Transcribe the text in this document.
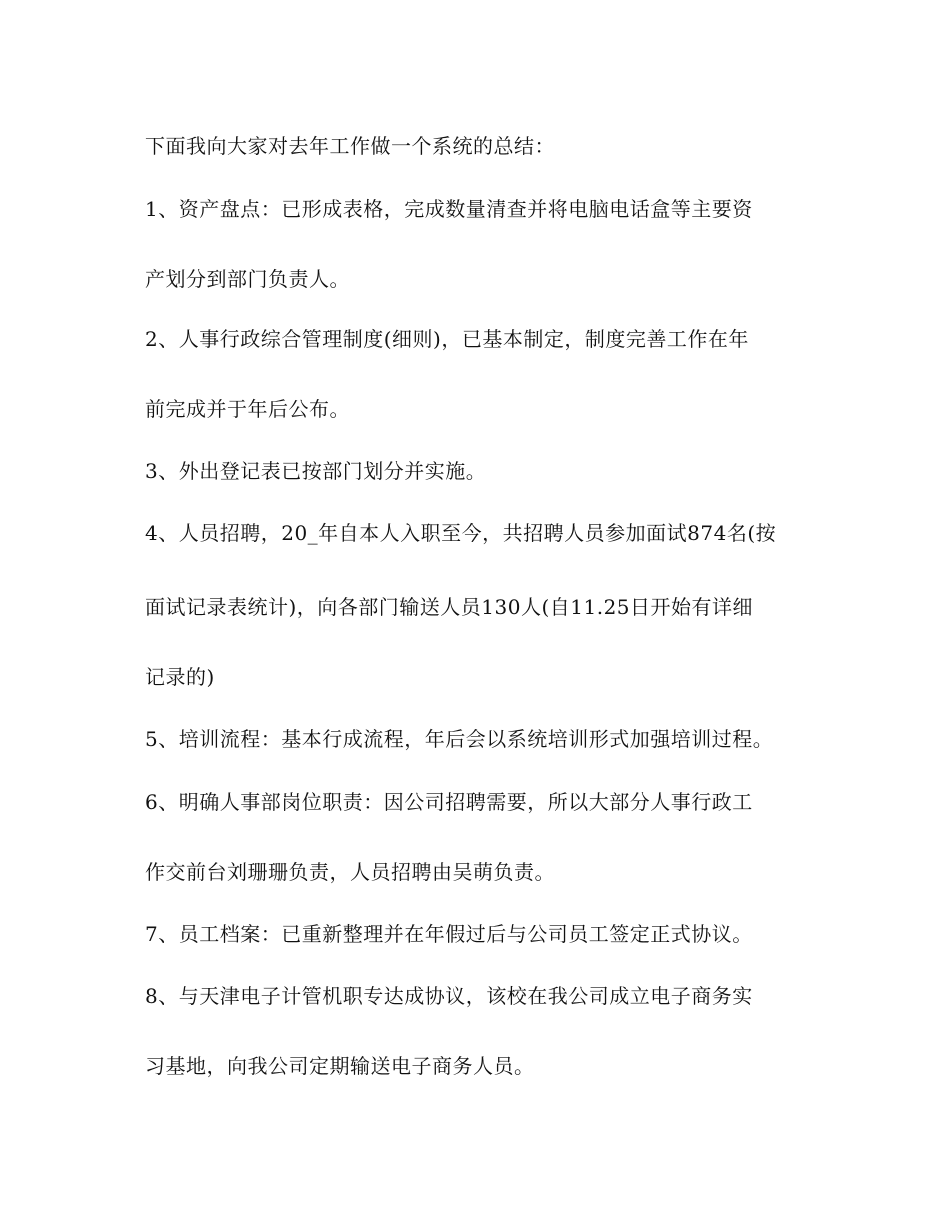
下面我向大家对去年工作做一个系统的总结：
1、资产盘点：已形成表格，完成数量清查并将电脑电话盒等主要资
产划分到部门负责人。
2、人事行政综合管理制度(细则)，已基本制定，制度完善工作在年
前完成并于年后公布。
3、外出登记表已按部门划分并实施。
4、人员招聘，20_年自本人入职至今，共招聘人员参加面试874名(按
面试记录表统计)，向各部门输送人员130人(自11.25日开始有详细
记录的)
5、培训流程：基本行成流程，年后会以系统培训形式加强培训过程。
6、明确人事部岗位职责：因公司招聘需要，所以大部分人事行政工
作交前台刘珊珊负责，人员招聘由吴萌负责。
7、员工档案：已重新整理并在年假过后与公司员工签定正式协议。
8、与天津电子计管机职专达成协议，该校在我公司成立电子商务实
习基地，向我公司定期输送电子商务人员。
